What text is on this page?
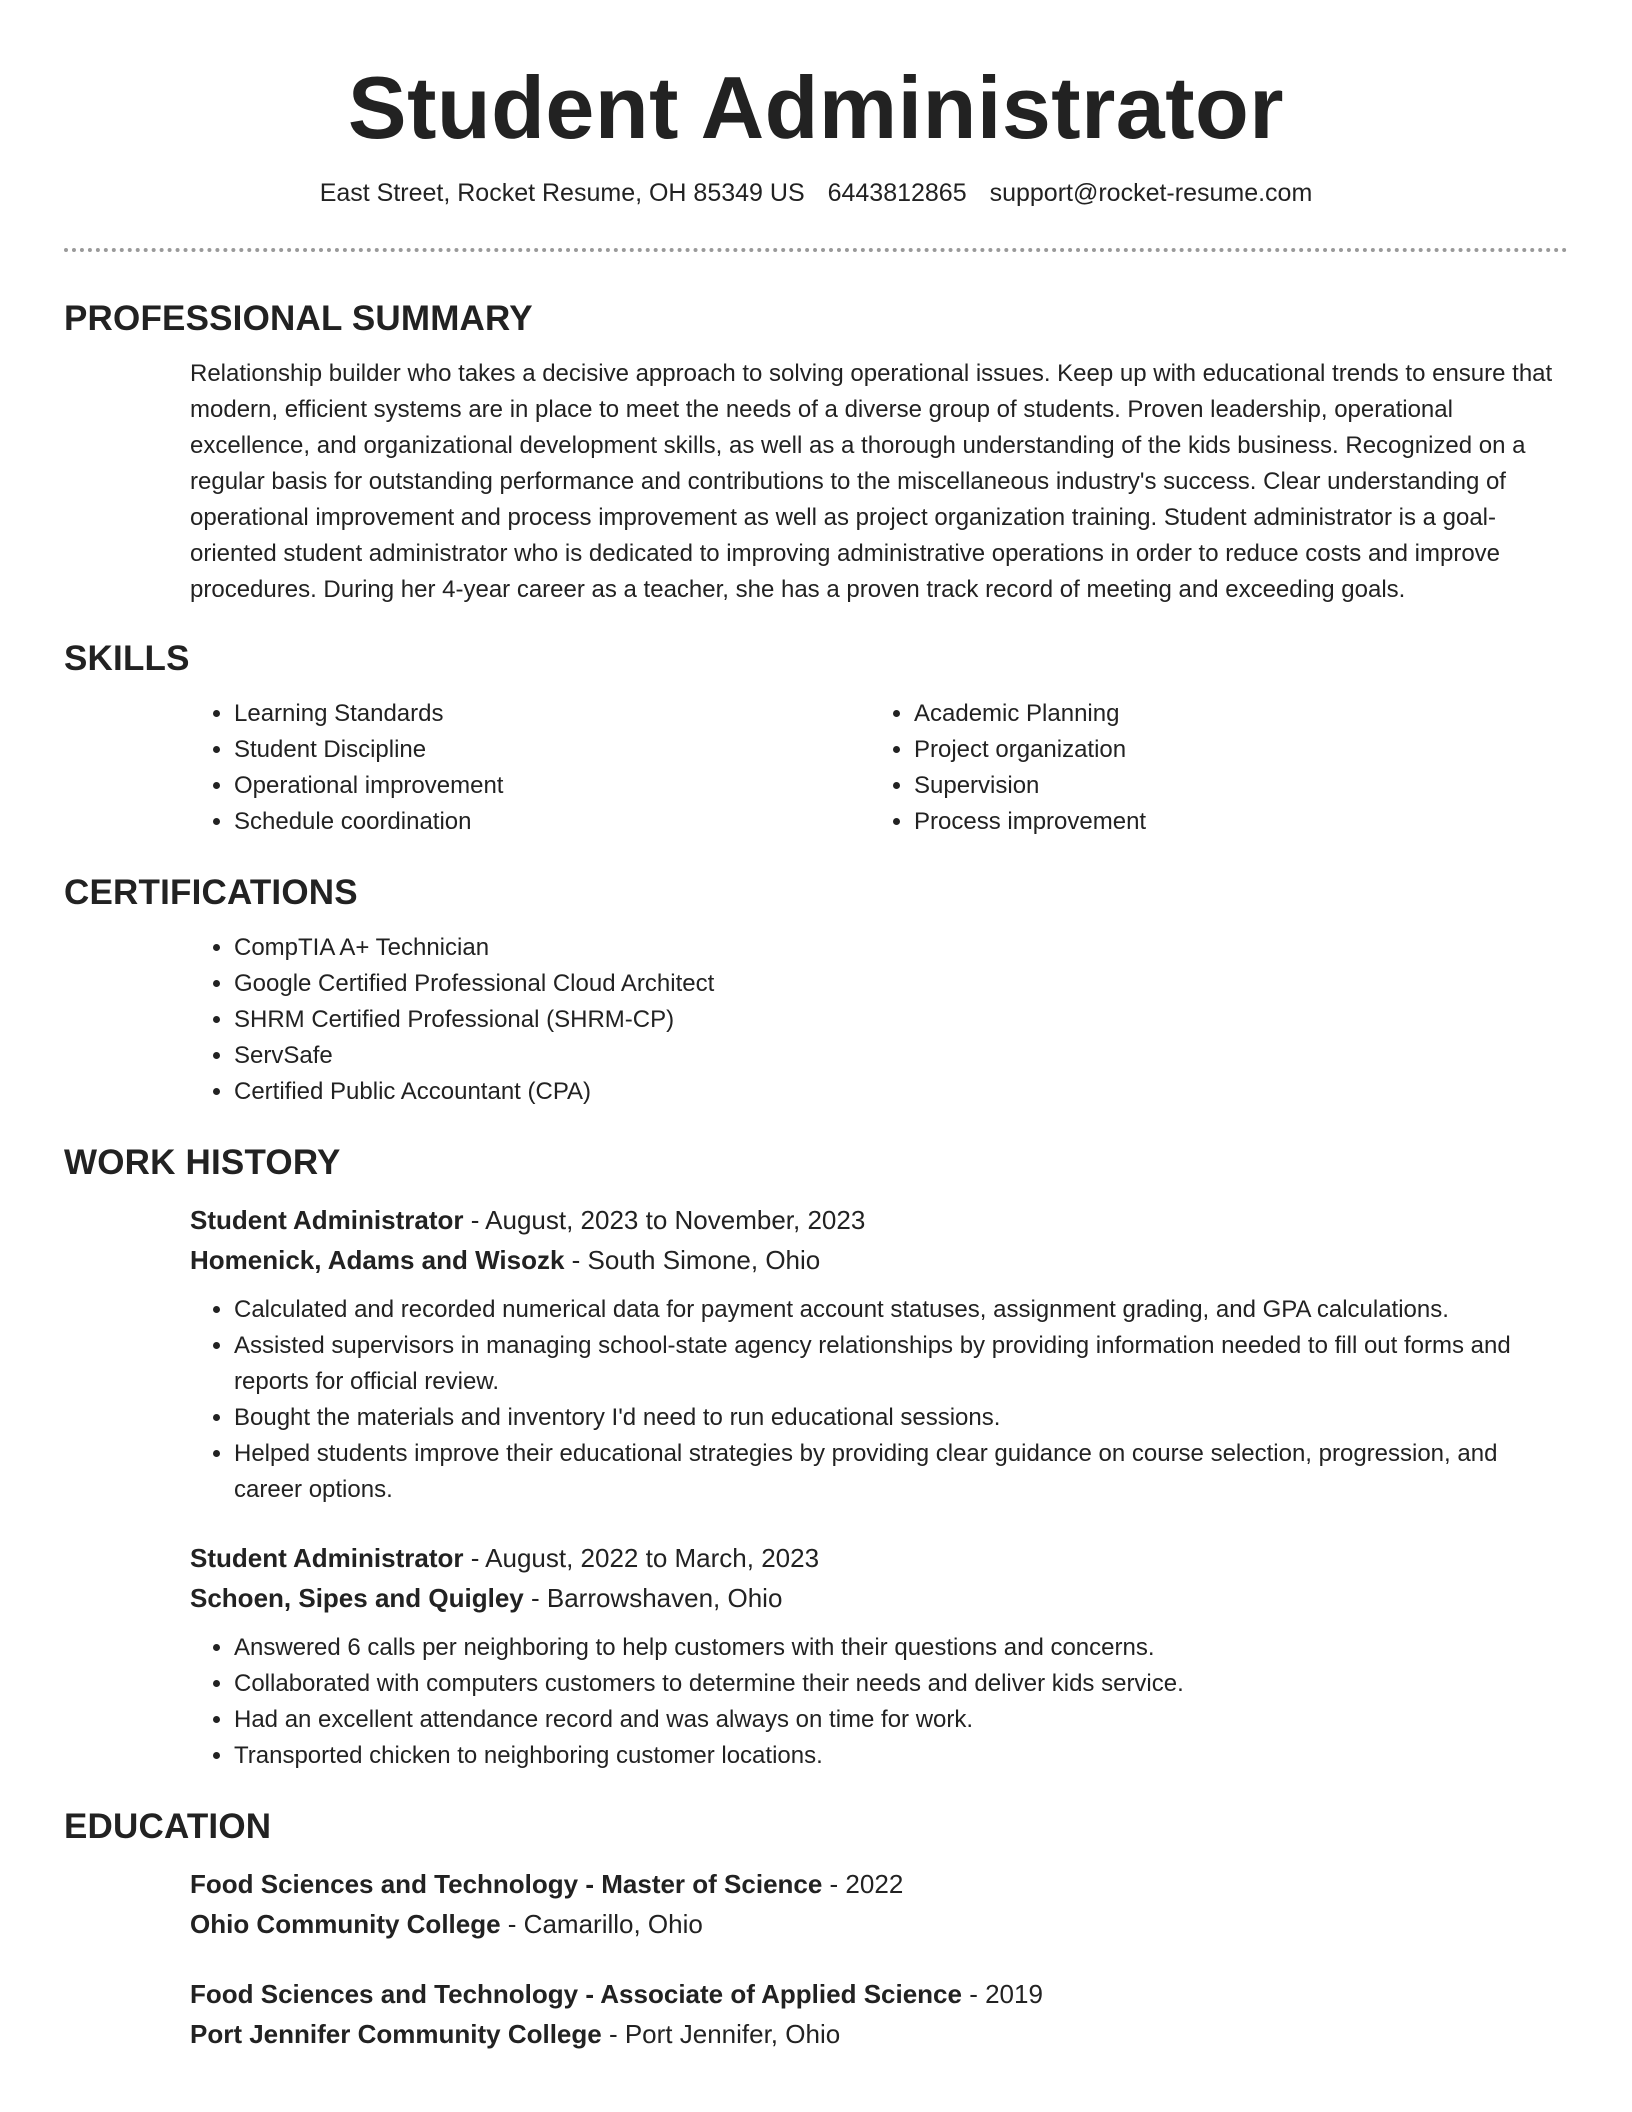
Student Administrator
East Street, Rocket Resume, OH 85349 US 6443812865 support@rocket-resume.com
PROFESSIONAL SUMMARY

Relationship builder who takes a decisive approach to solving operational issues. Keep up with educational trends to ensure that modern, efficient systems are in place to meet the needs of a diverse group of students. Proven leadership, operational excellence, and organizational development skills, as well as a thorough understanding of the kids business. Recognized on a regular basis for outstanding performance and contributions to the miscellaneous industry's success. Clear understanding of operational improvement and process improvement as well as project organization training. Student administrator is a goal-oriented student administrator who is dedicated to improving administrative operations in order to reduce costs and improve procedures. During her 4-year career as a teacher, she has a proven track record of meeting and exceeding goals.

SKILLS
• Learning Standards
• Student Discipline
• Operational improvement
• Schedule coordination
• Academic Planning
• Project organization
• Supervision
• Process improvement
CERTIFICATIONS
• CompTIA A+ Technician
• Google Certified Professional Cloud Architect
• SHRM Certified Professional (SHRM-CP)
• ServSafe
• Certified Public Accountant (CPA)
WORK HISTORY
Student Administrator - August, 2023 to November, 2023
Homenick, Adams and Wisozk - South Simone, Ohio
• Calculated and recorded numerical data for payment account statuses, assignment grading, and GPA calculations.
• Assisted supervisors in managing school-state agency relationships by providing information needed to fill out forms and reports for official review.
• Bought the materials and inventory I'd need to run educational sessions.
• Helped students improve their educational strategies by providing clear guidance on course selection, progression, and career options.
Student Administrator - August, 2022 to March, 2023
Schoen, Sipes and Quigley - Barrowshaven, Ohio
• Answered 6 calls per neighboring to help customers with their questions and concerns.
• Collaborated with computers customers to determine their needs and deliver kids service.
• Had an excellent attendance record and was always on time for work.
• Transported chicken to neighboring customer locations.
EDUCATION
Food Sciences and Technology - Master of Science - 2022
Ohio Community College - Camarillo, Ohio
Food Sciences and Technology - Associate of Applied Science - 2019
Port Jennifer Community College - Port Jennifer, Ohio
